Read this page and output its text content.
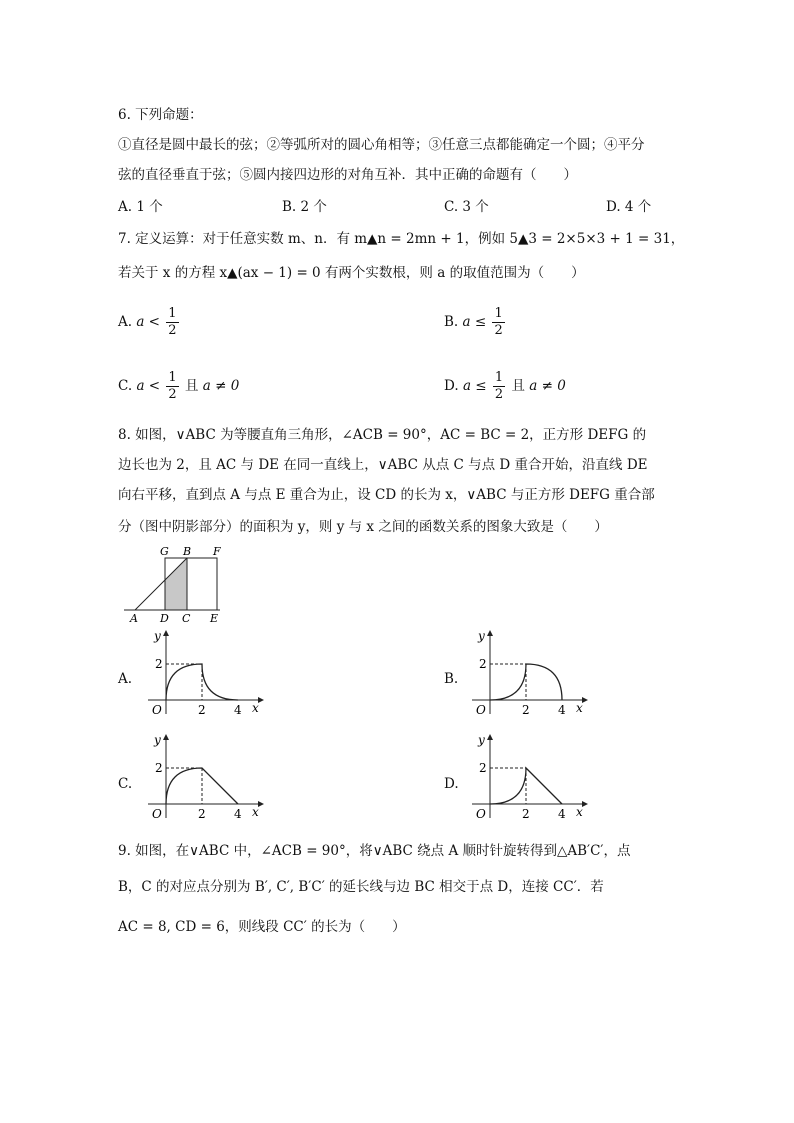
6. 下列命题：
①直径是圆中最长的弦；②等弧所对的圆心角相等；③任意三点都能确定一个圆；④平分
弦的直径垂直于弦；⑤圆内接四边形的对角互补．其中正确的命题有（　　）
A. 1 个	B. 2 个	C. 3 个	D. 4 个
7. 定义运算：对于任意实数 m、n．有 m▲n = 2mn + 1，例如 5▲3 = 2×5×3 + 1 = 31，
若关于 x 的方程 x▲(ax − 1) = 0 有两个实数根，则 a 的取值范围为（　　）
A. $a < \frac{1}{2}$	B. $a \le \frac{1}{2}$
C. $a < \frac{1}{2}$ 且 a ≠ 0	D. $a \le \frac{1}{2}$ 且 a ≠ 0
8. 如图，∨ABC 为等腰直角三角形，∠ACB = 90°，AC = BC = 2，正方形 DEFG 的
边长也为 2，且 AC 与 DE 在同一直线上，∨ABC 从点 C 与点 D 重合开始，沿直线 DE
向右平移，直到点 A 与点 E 重合为止，设 CD 的长为 x，∨ABC 与正方形 DEFG 重合部
分（图中阴影部分）的面积为 y，则 y 与 x 之间的函数关系的图象大致是（　　）
G B F
A D C E
A.	B.
C.	D.
y
x
O
2
2 4
y
x
O
2
2 4
y
x
O
2
2 4
y
x
O
2
2 4
9. 如图，在∨ABC 中，∠ACB = 90°，将∨ABC 绕点 A 顺时针旋转得到△AB′C′，点
B，C 的对应点分别为 B′, C′, B′C′ 的延长线与边 BC 相交于点 D，连接 CC′．若
AC = 8, CD = 6，则线段 CC′ 的长为（　　）
